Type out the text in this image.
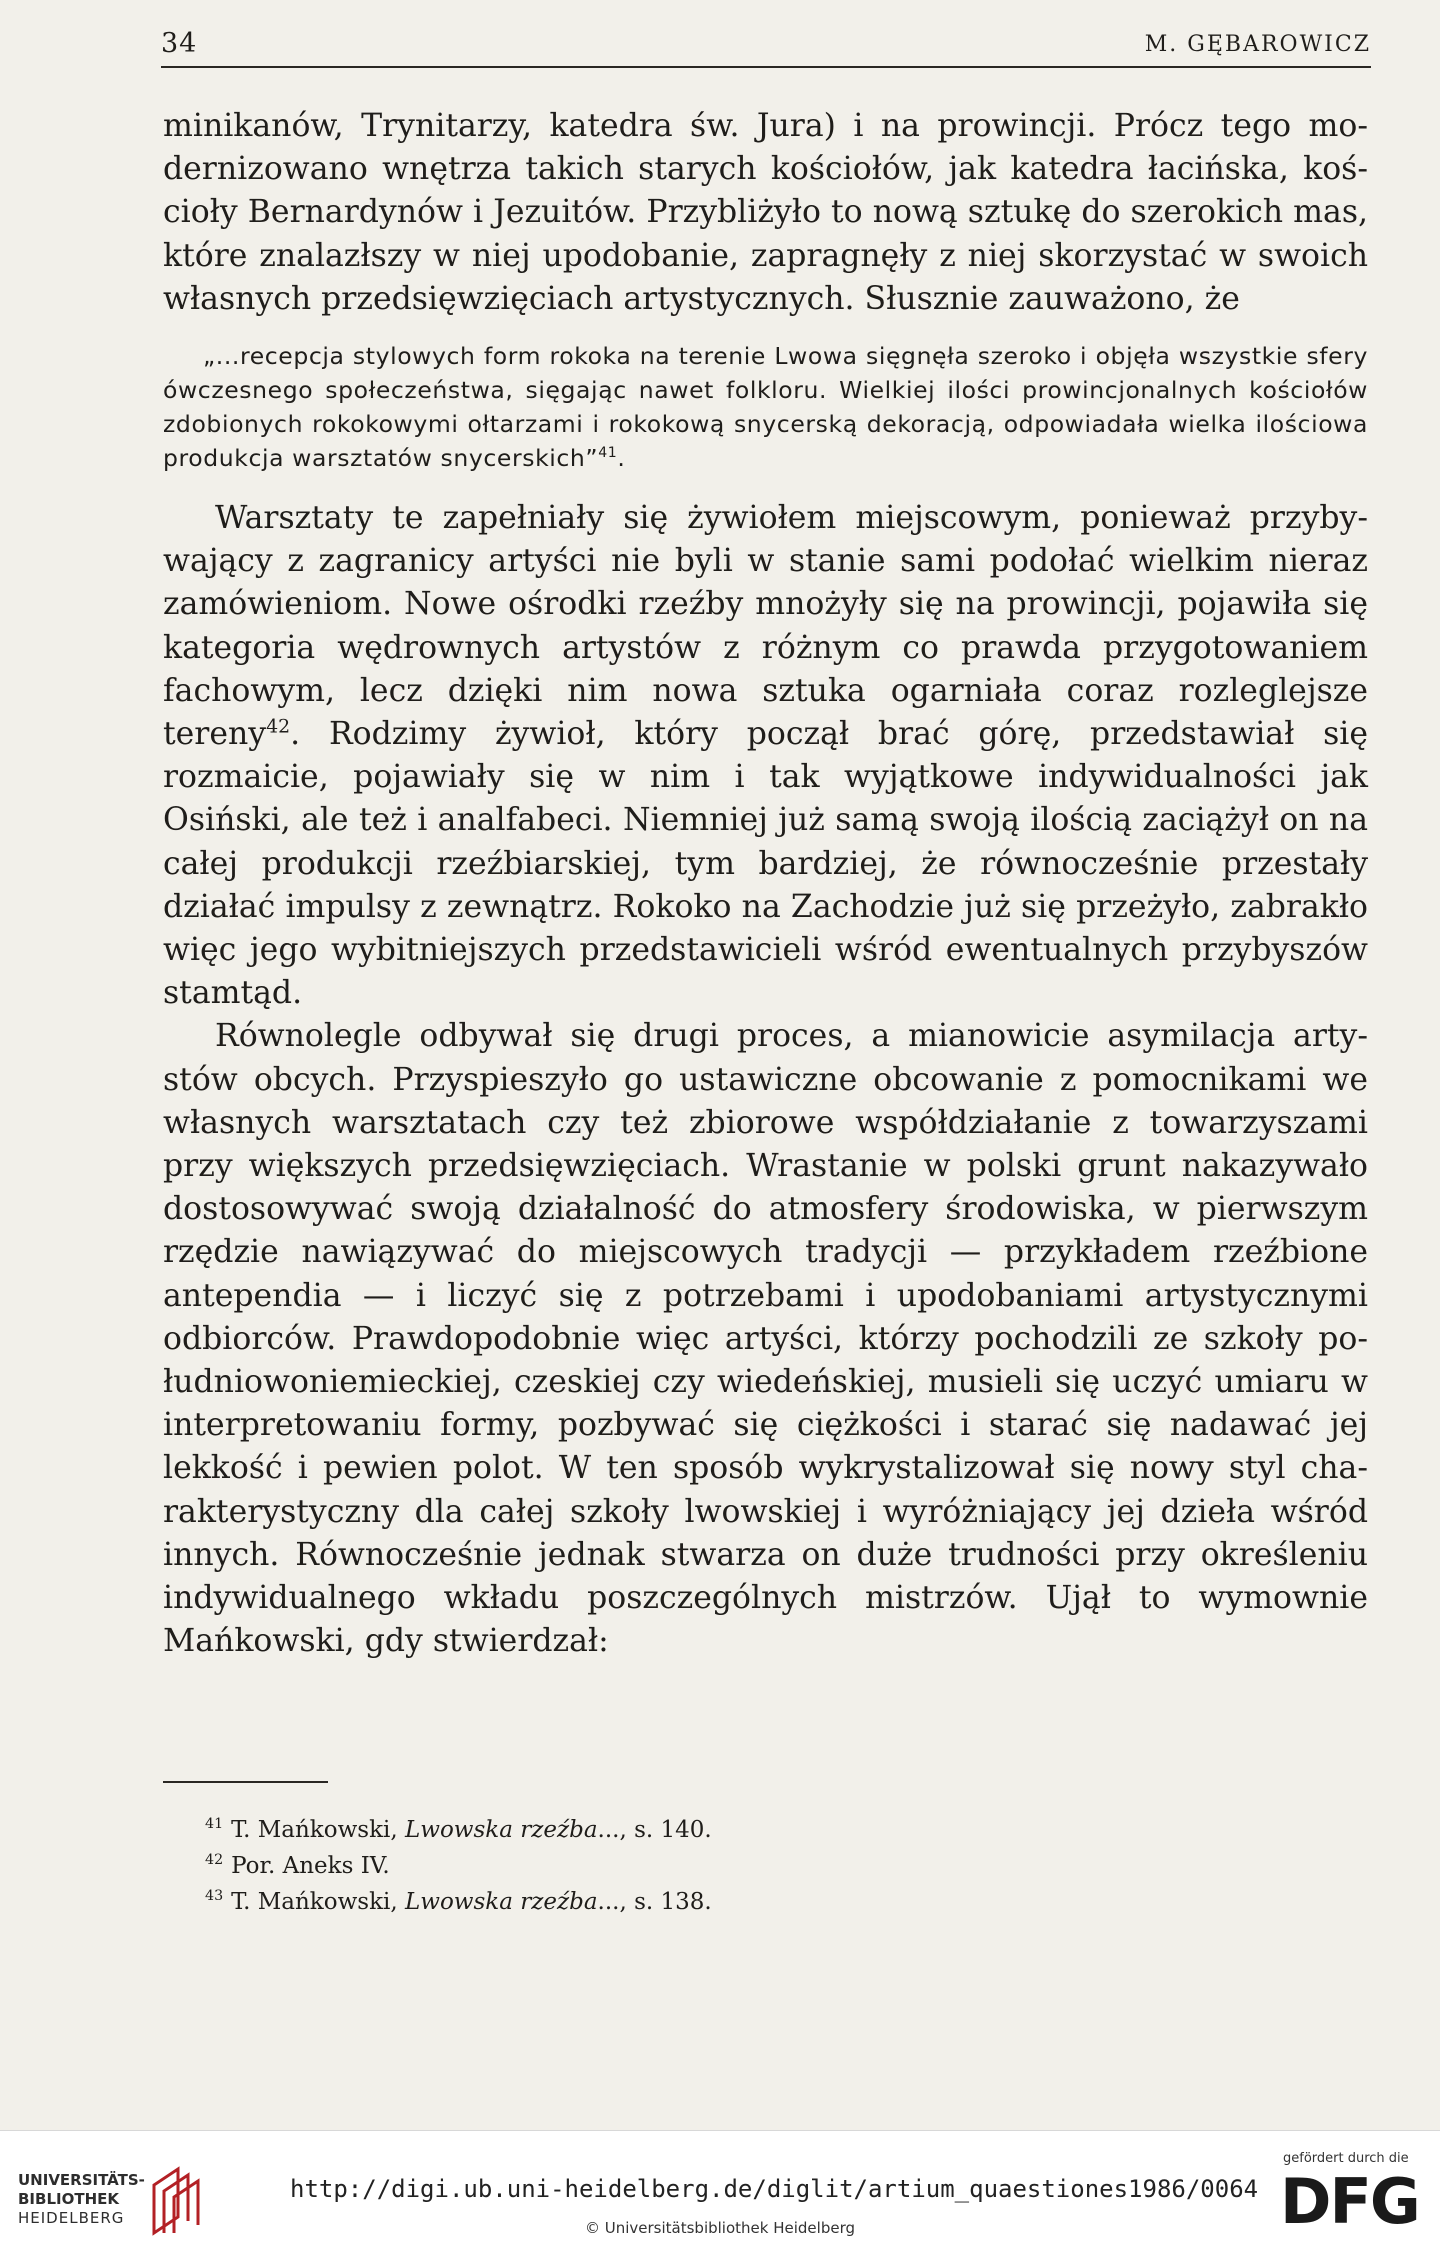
34	M. GĘBAROWICZ

minikanów, Trynitarzy, katedra św. Jura) i na prowincji. Prócz tego modernizowano wnętrza takich starych kościołów, jak katedra łacińska, kościoły Bernardynów i Jezuitów. Przybliżyło to nową sztukę do szerokich mas, które znalazłszy w niej upodobanie, zapragnęły z niej skorzystać w swoich własnych przedsięwzięciach artystycznych. Słusznie zauważono, że

„...recepcja stylowych form rokoka na terenie Lwowa sięgnęła szeroko i objęła wszystkie sfery ówczesnego społeczeństwa, sięgając nawet folkloru. Wielkiej ilości prowincjonalnych kościołów zdobionych rokokowymi ołtarzami i rokokową snycerską dekoracją, odpowiadała wielka ilościowa produkcja warsztatów snycerskich”$^{41}$.

Warsztaty te zapełniały się żywiołem miejscowym, ponieważ przybywający z zagranicy artyści nie byli w stanie sami podołać wielkim nieraz zamówieniom. Nowe ośrodki rzeźby mnożyły się na prowincji, pojawiła się kategoria wędrownych artystów z różnym co prawda przygotowaniem fachowym, lecz dzięki nim nowa sztuka ogarniała coraz rozleglejsze tereny$^{42}$. Rodzimy żywioł, który począł brać górę, przedstawiał się rozmaicie, pojawiały się w nim i tak wyjątkowe indywidualności jak Osiński, ale też i analfabeci. Niemniej już samą swoją ilością zaciążył on na całej produkcji rzeźbiarskiej, tym bardziej, że równocześnie przestały działać impulsy z zewnątrz. Rokoko na Zachodzie już się przeżyło, zabrakło więc jego wybitniejszych przedstawicieli wśród ewentualnych przybyszów stamtąd.

Równolegle odbywał się drugi proces, a mianowicie asymilacja artystów obcych. Przyspieszyło go ustawiczne obcowanie z pomocnikami we własnych warsztatach czy też zbiorowe współdziałanie z towarzyszami przy większych przedsięwzięciach. Wrastanie w polski grunt nakazywało dostosowywać swoją działalność do atmosfery środowiska, w pierwszym rzędzie nawiązywać do miejscowych tradycji — przykładem rzeźbione antependia — i liczyć się z potrzebami i upodobaniami artystycznymi odbiorców. Prawdopodobnie więc artyści, którzy pochodzili ze szkoły południowoniemieckiej, czeskiej czy wiedeńskiej, musieli się uczyć umiaru w interpretowaniu formy, pozbywać się ciężkości i starać się nadawać jej lekkość i pewien polot. W ten sposób wykrystalizował się nowy styl charakterystyczny dla całej szkoły lwowskiej i wyróżniający jej dzieła wśród innych. Równocześnie jednak stwarza on duże trudności przy określeniu indywidualnego wkładu poszczególnych mistrzów. Ujął to wymownie Mańkowski, gdy stwierdzał:

$^{41}$ T. Mańkowski, Lwowska rzeźba..., s. 140.
$^{42}$ Por. Aneks IV.
$^{43}$ T. Mańkowski, Lwowska rzeźba..., s. 138.
UNIVERSITÄTS-
BIBLIOTHEK
HEIDELBERG
http://digi.ub.uni-heidelberg.de/diglit/artium_quaestiones1986/0064
© Universitätsbibliothek Heidelberg
gefördert durch die
DFG
